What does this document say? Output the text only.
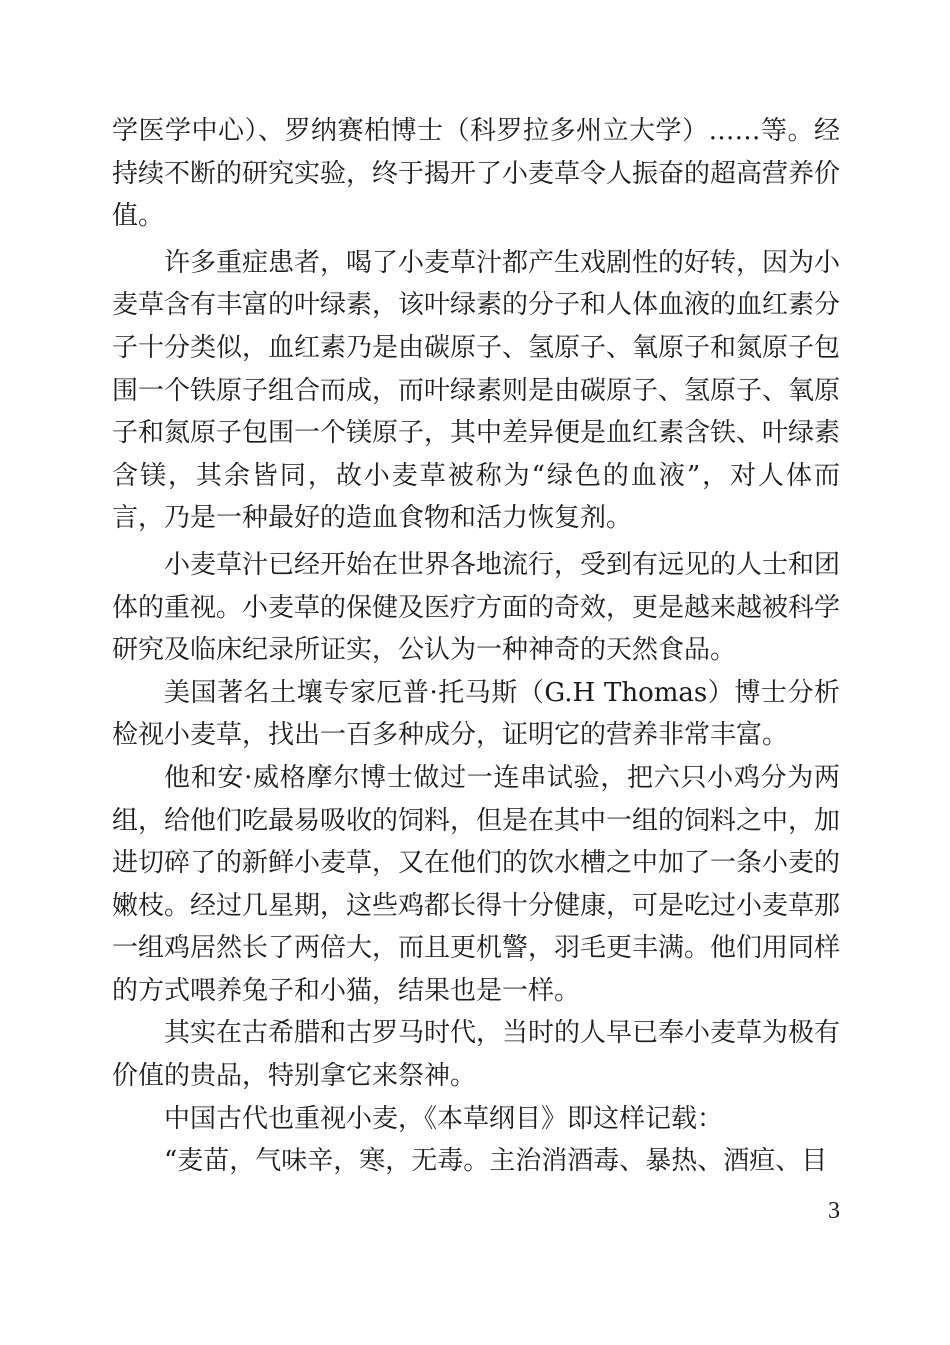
学医学中心）、罗纳赛柏博士（科罗拉多州立大学）……等。经持续不断的研究实验，终于揭开了小麦草令人振奋的超高营养价值。

许多重症患者，喝了小麦草汁都产生戏剧性的好转，因为小麦草含有丰富的叶绿素，该叶绿素的分子和人体血液的血红素分子十分类似，血红素乃是由碳原子、氢原子、氧原子和氮原子包围一个铁原子组合而成，而叶绿素则是由碳原子、氢原子、氧原子和氮原子包围一个镁原子，其中差异便是血红素含铁、叶绿素含镁，其余皆同，故小麦草被称为“绿色的血液”，对人体而言，乃是一种最好的造血食物和活力恢复剂。

小麦草汁已经开始在世界各地流行，受到有远见的人士和团体的重视。小麦草的保健及医疗方面的奇效，更是越来越被科学研究及临床纪录所证实，公认为一种神奇的天然食品。

美国著名土壤专家厄普·托马斯（G.H Thomas）博士分析检视小麦草，找出一百多种成分，证明它的营养非常丰富。

他和安·威格摩尔博士做过一连串试验，把六只小鸡分为两组，给他们吃最易吸收的饲料，但是在其中一组的饲料之中，加进切碎了的新鲜小麦草，又在他们的饮水槽之中加了一条小麦的嫩枝。经过几星期，这些鸡都长得十分健康，可是吃过小麦草那一组鸡居然长了两倍大，而且更机警，羽毛更丰满。他们用同样的方式喂养兔子和小猫，结果也是一样。

其实在古希腊和古罗马时代，当时的人早已奉小麦草为极有价值的贵品，特别拿它来祭神。

中国古代也重视小麦，《本草纲目》即这样记载：

“麦苗，气味辛，寒，无毒。主治消酒毒、暴热、酒疸、目

3
